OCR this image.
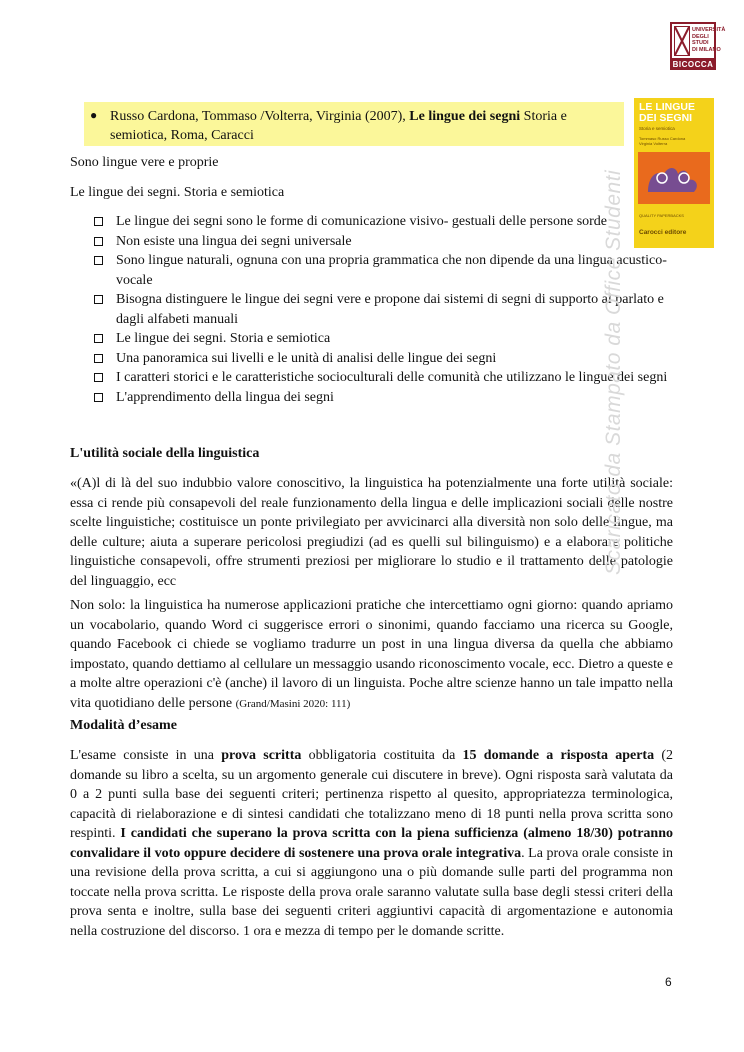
UNIVERSITÀ
DEGLI STUDI
DI MILANO
BICOCCA
LE LINGUE DEI SEGNI
Storia e semiotica
Tommaso Russo Cardona
Virginia Volterra
QUALITY PAPERBACKS
Carocci editore
● Russo Cardona, Tommaso /Volterra, Virginia (2007), Le lingue dei segni Storia e semiotica, Roma, Caracci
Sono lingue vere e proprie
Le lingue dei segni. Storia e semiotica
Le lingue dei segni sono le forme di comunicazione visivo- gestuali delle persone sorde
Non esiste una lingua dei segni universale
Sono lingue naturali, ognuna con una propria grammatica che non dipende da una lingua acustico-vocale
Bisogna distinguere le lingue dei segni vere e propone dai sistemi di segni di supporto al parlato e dagli alfabeti manuali
Le lingue dei segni. Storia e semiotica
Una panoramica sui livelli e le unità di analisi delle lingue dei segni
I caratteri storici e le caratteristiche socioculturali delle comunità che utilizzano le lingue dei segni
L'apprendimento della lingua dei segni
L'utilità sociale della linguistica
«(A)l di là del suo indubbio valore conoscitivo, la linguistica ha potenzialmente una forte utilità sociale: essa ci rende più consapevoli del reale funzionamento della lingua e delle implicazioni sociali delle nostre scelte linguistiche; costituisce un ponte privilegiato per avvicinarci alla diversità non solo delle lingue, ma delle culture; aiuta a superare pericolosi pregiudizi (ad es quelli sul bilinguismo) e a elaborare politiche linguistiche consapevoli, offre strumenti preziosi per migliorare lo studio e il trattamento delle patologie del linguaggio, ecc
Non solo: la linguistica ha numerose applicazioni pratiche che intercettiamo ogni giorno: quando apriamo un vocabolario, quando Word ci suggerisce errori o sinonimi, quando facciamo una ricerca su Google, quando Facebook ci chiede se vogliamo tradurre un post in una lingua diversa da quella che abbiamo impostato, quando dettiamo al cellulare un messaggio usando riconoscimento vocale, ecc. Dietro a queste e a molte altre operazioni c'è (anche) il lavoro di un linguista. Poche altre scienze hanno un tale impatto nella vita quotidiano delle persone (Grand/Masini 2020: 111)
Modalità d’esame
L'esame consiste in una prova scritta obbligatoria costituita da 15 domande a risposta aperta (2 domande su libro a scelta, su un argomento generale cui discutere in breve). Ogni risposta sarà valutata da 0 a 2 punti sulla base dei seguenti criteri; pertinenza rispetto al quesito, appropriatezza terminologica, capacità di rielaborazione e di sintesi candidati che totalizzano meno di 18 punti nella prova scritta sono respinti. I candidati che superano la prova scritta con la piena sufficienza (almeno 18/30) potranno convalidare il voto oppure decidere di sostenere una prova orale integrativa. La prova orale consiste in una revisione della prova scritta, a cui si aggiungono una o più domande sulle parti del programma non toccate nella prova scritta. Le risposte della prova orale saranno valutate sulla base degli stessi criteri della prova senta e inoltre, sulla base dei seguenti criteri aggiuntivi capacità di argomentazione e autonomia nella costruzione del discorso. 1 ora e mezza di tempo per le domande scritte.
Scaricato da Stampato da Office Studenti
6
